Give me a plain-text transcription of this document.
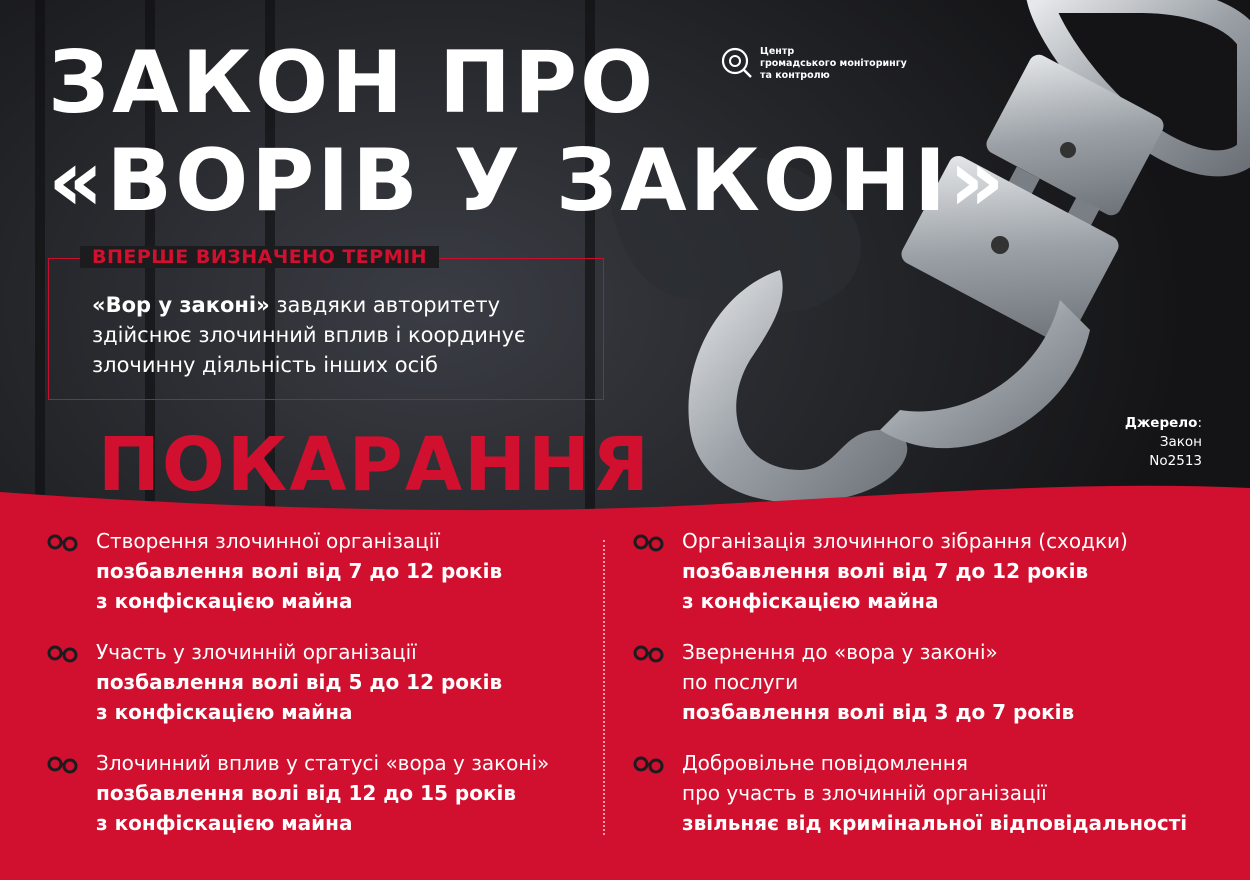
ЗАКОН ПРО
«ВОРІВ У ЗАКОНІ»
Центр
громадського моніторингу
та контролю
ВПЕРШЕ ВИЗНАЧЕНО ТЕРМІН
«Вор у законі» завдяки авторитету здійснює злочинний вплив і координує злочинну діяльність інших осіб
Джерело:
Закон
No2513
ПОКАРАННЯ
Створення злочинної організації
позбавлення волі від 7 до 12 років
з конфіскацією майна
Участь у злочинній організації
позбавлення волі від 5 до 12 років
з конфіскацією майна
Злочинний вплив у статусі «вора у законі»
позбавлення волі від 12 до 15 років
з конфіскацією майна
Організація злочинного зібрання (сходки)
позбавлення волі від 7 до 12 років
з конфіскацією майна
Звернення до «вора у законі»
по послуги
позбавлення волі від 3 до 7 років
Добровільне повідомлення
про участь в злочинній організації
звільняє від кримінальної відповідальності
